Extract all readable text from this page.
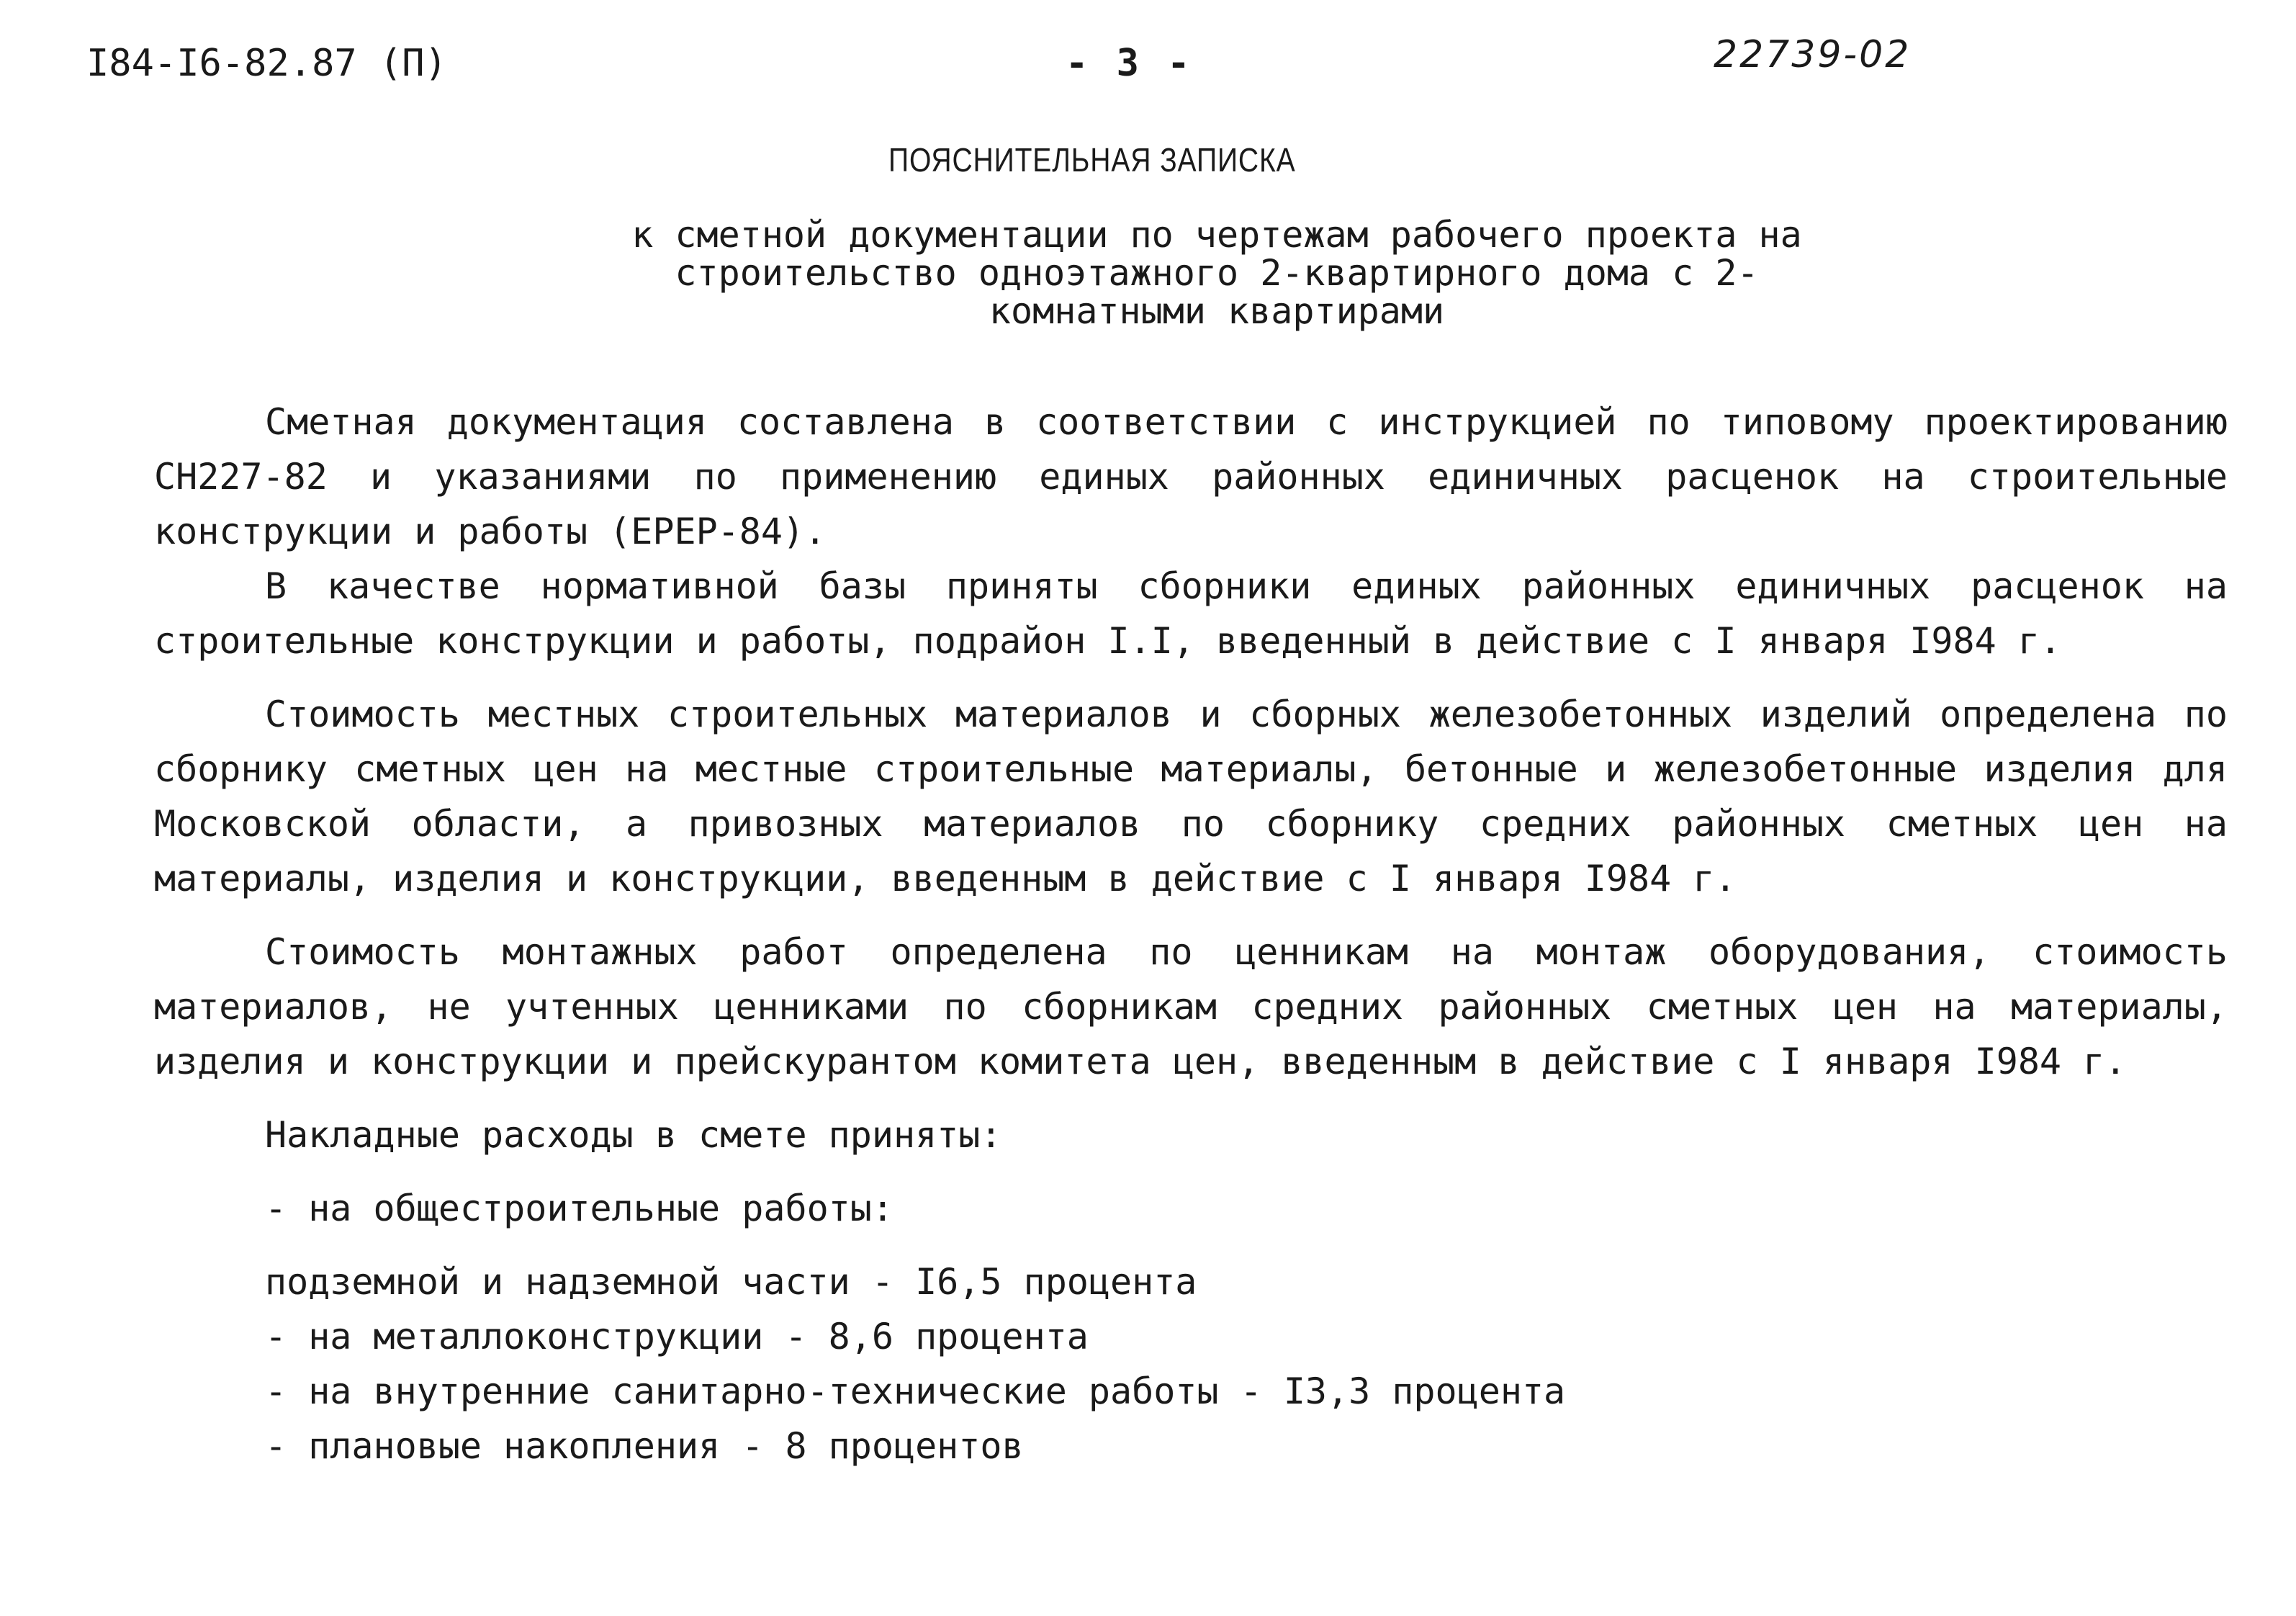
I84-I6-82.87 (П)	- 3 -	22739-02
ПОЯСНИТЕЛЬНАЯ ЗАПИСКА
к сметной документации по чертежам рабочего проекта на
строительство одноэтажного 2-квартирного дома с 2-
комнатными квартирами

Сметная документация составлена в соответствии с инструкцией по типовому проектированию СН227-82 и указаниями по применению единых районных единичных расценок на строительные конструкции и работы (ЕРЕР-84).

В качестве нормативной базы приняты сборники единых районных единичных расценок на строительные конструкции и работы, подрайон I.I, введенный в действие с I января I984 г.

Стоимость местных строительных материалов и сборных железобетонных изделий определена по сборнику сметных цен на местные строительные материалы, бетонные и железобетонные изделия для Московской области, а привозных материалов по сборнику средних районных сметных цен на материалы, изделия и конструкции, введенным в действие с I января I984 г.

Стоимость монтажных работ определена по ценникам на монтаж оборудования, стоимость материалов, не учтенных ценниками по сборникам средних районных сметных цен на материалы, изделия и конструкции и прейскурантом комитета цен, введенным в действие с I января I984 г.

Накладные расходы в смете приняты:
- на общестроительные работы:
подземной и надземной части - I6,5 процента
- на металлоконструкции - 8,6 процента
- на внутренние санитарно-технические работы - I3,3 процента
- плановые накопления - 8 процентов
